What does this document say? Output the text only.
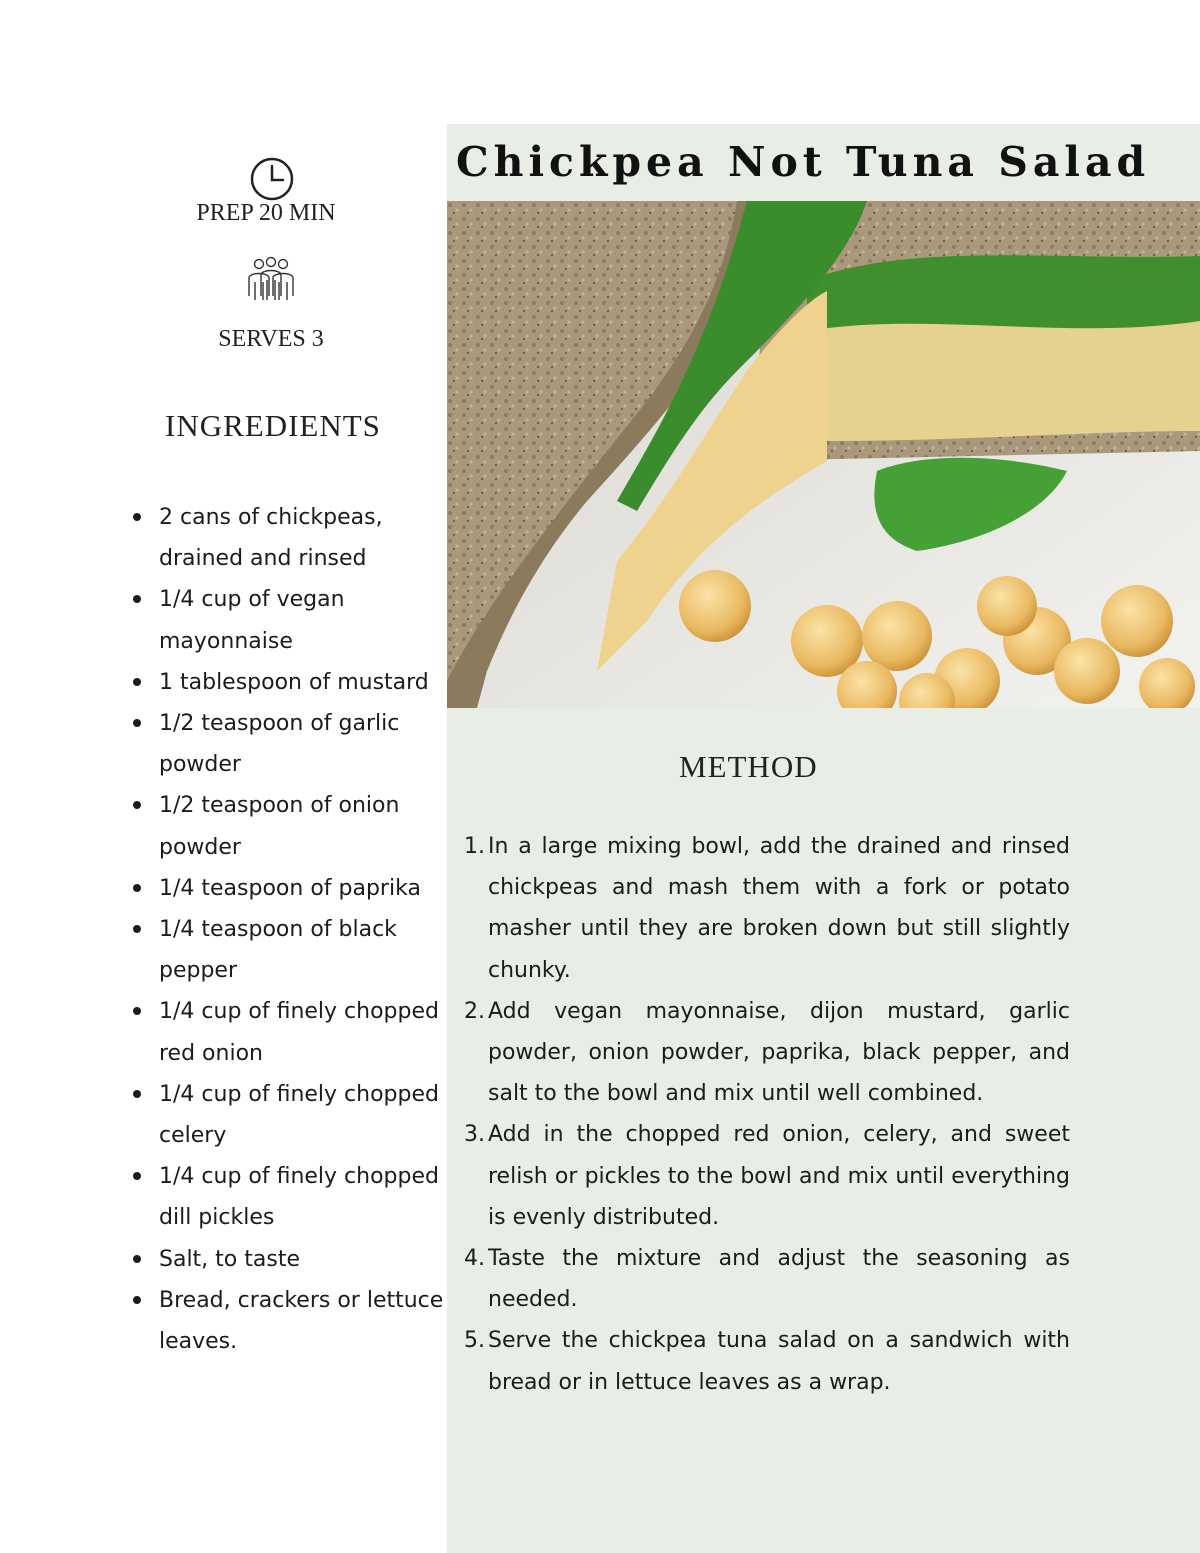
Chickpea Not Tuna Salad
PREP 20 MIN
SERVES 3
INGREDIENTS
2 cans of chickpeas, drained and rinsed
1/4 cup of vegan mayonnaise
1 tablespoon of mustard
1/2 teaspoon of garlic powder
1/2 teaspoon of onion powder
1/4 teaspoon of paprika
1/4 teaspoon of black pepper
1/4 cup of finely chopped red onion
1/4 cup of finely chopped celery
1/4 cup of finely chopped dill pickles
Salt, to taste
Bread, crackers or lettuce leaves.
METHOD
1. In a large mixing bowl, add the drained and rinsed chickpeas and mash them with a fork or potato masher until they are broken down but still slightly chunky.
2. Add vegan mayonnaise, dijon mustard, garlic powder, onion powder, paprika, black pepper, and salt to the bowl and mix until well combined.
3. Add in the chopped red onion, celery, and sweet relish or pickles to the bowl and mix until everything is evenly distributed.
4. Taste the mixture and adjust the seasoning as needed.
5. Serve the chickpea tuna salad on a sandwich with bread or in lettuce leaves as a wrap.
